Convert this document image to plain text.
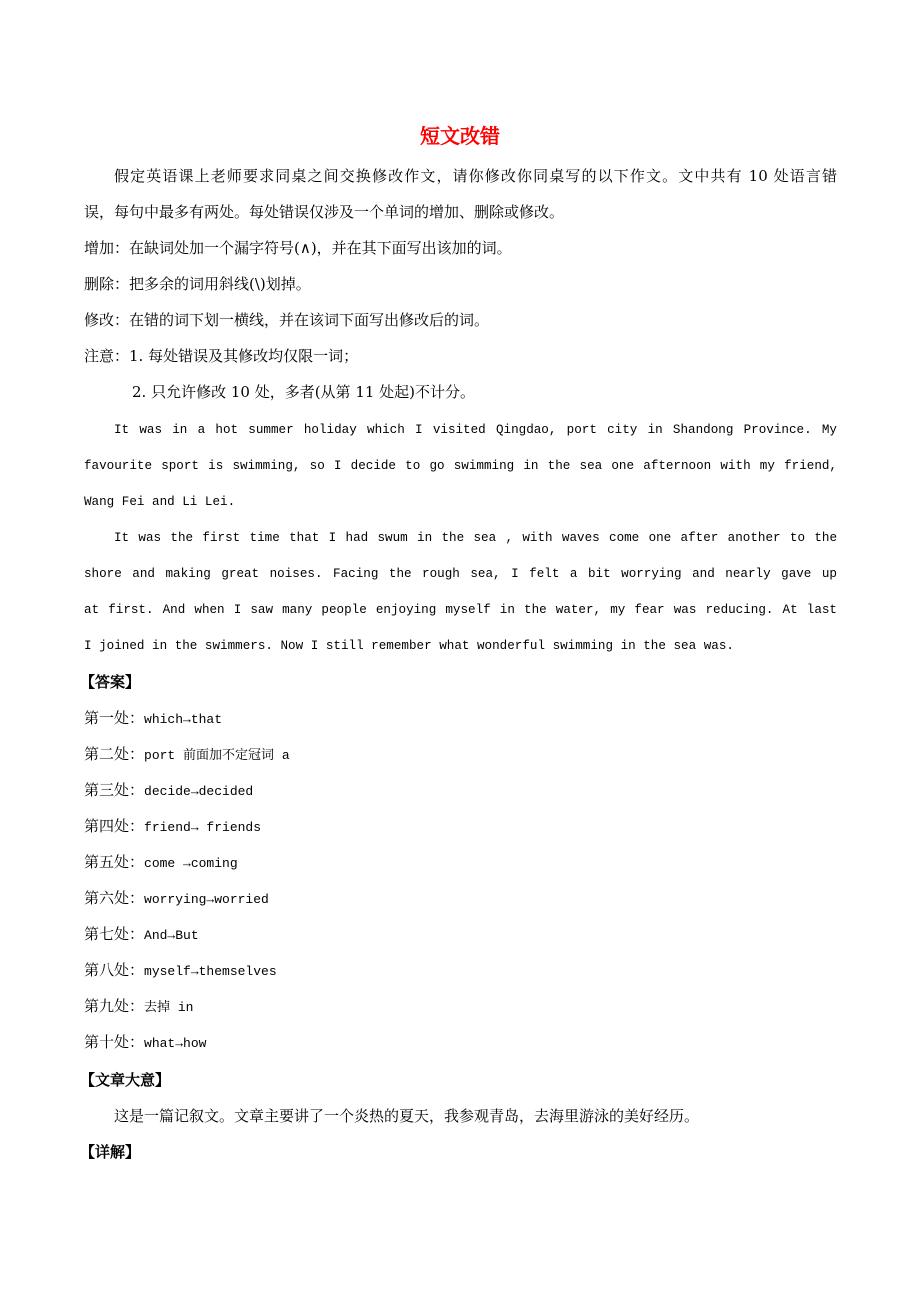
短文改错
假定英语课上老师要求同桌之间交换修改作文，请你修改你同桌写的以下作文。文中共有 10 处语言错
误，每句中最多有两处。每处错误仅涉及一个单词的增加、删除或修改。
增加：在缺词处加一个漏字符号(∧)，并在其下面写出该加的词。
删除：把多余的词用斜线(\)划掉。
修改：在错的词下划一横线，并在该词下面写出修改后的词。
注意：1. 每处错误及其修改均仅限一词；
2. 只允许修改 10 处，多者(从第 11 处起)不计分。
It was in a hot summer holiday which I visited Qingdao, port city in Shandong Province. My
favourite sport is swimming, so I decide to go swimming in the sea one afternoon with my friend,
Wang Fei and Li Lei.
It was the first time that I had swum in the sea , with waves come one after another to the
shore and making great noises. Facing the rough sea, I felt a bit worrying and nearly gave up
at first. And when I saw many people enjoying myself in the water, my fear was reducing. At last
I joined in the swimmers. Now I still remember what wonderful swimming in the sea was.
【答案】
第一处：which→that
第二处：port 前面加不定冠词 a
第三处：decide→decided
第四处：friend→ friends
第五处：come →coming
第六处：worrying→worried
第七处：And→But
第八处：myself→themselves
第九处：去掉 in
第十处：what→how
【文章大意】
这是一篇记叙文。文章主要讲了一个炎热的夏天，我参观青岛，去海里游泳的美好经历。
【详解】
